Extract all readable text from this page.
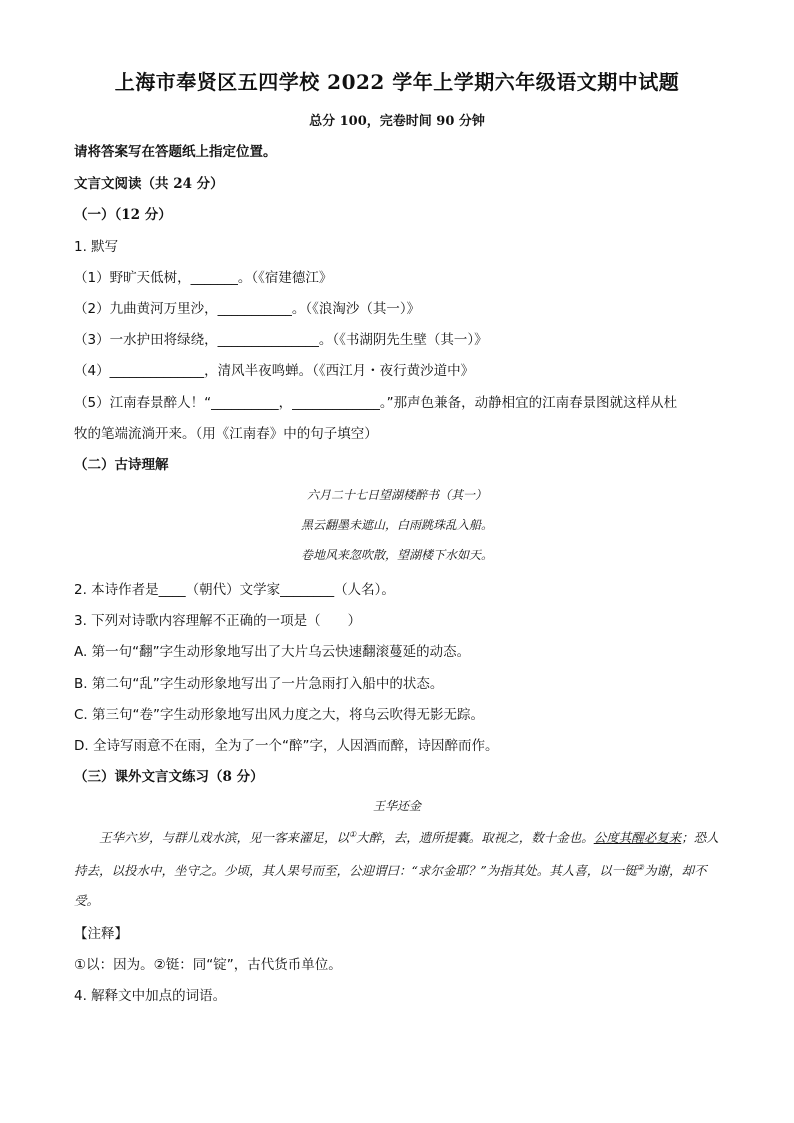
上海市奉贤区五四学校 2022 学年上学期六年级语文期中试题
总分 100，完卷时间 90 分钟
请将答案写在答题纸上指定位置。
文言文阅读（共 24 分）
（一）（12 分）
1. 默写
（1）野旷天低树，_______。（《宿建德江》
（2）九曲黄河万里沙，___________。（《浪淘沙（其一）》
（3）一水护田将绿绕，_______________。（《书湖阴先生壁（其一）》
（4）______________，清风半夜鸣蝉。（《西江月・夜行黄沙道中》
（5）江南春景醉人！“__________，_____________。”那声色兼备，动静相宜的江南春景图就这样从杜
牧的笔端流淌开来。（用《江南春》中的句子填空）
（二）古诗理解
六月二十七日望湖楼醉书（其一）
黑云翻墨未遮山，白雨跳珠乱入船。
卷地风来忽吹散，望湖楼下水如天。
2. 本诗作者是____（朝代）文学家________（人名）。
3. 下列对诗歌内容理解不正确的一项是（　　）
A. 第一句“翻”字生动形象地写出了大片乌云快速翻滚蔓延的动态。
B. 第二句“乱”字生动形象地写出了一片急雨打入船中的状态。
C. 第三句“卷”字生动形象地写出风力度之大，将乌云吹得无影无踪。
D. 全诗写雨意不在雨，全为了一个“醉”字，人因酒而醉，诗因醉而作。
（三）课外文言文练习（8 分）
王华还金
王华六岁，与群儿戏水滨，见一客来濯足，以①大醉，去，遗所提囊。取视之，数十金也。公度其醒必复来；恐人持去，以投水中，坐守之。少顷，其人果号而至，公迎谓曰：“求尔金耶？”为指其处。其人喜，以一铤②为谢，却不受。
【注释】
①以：因为。②铤：同“锭”，古代货币单位。
4. 解释文中加点的词语。
